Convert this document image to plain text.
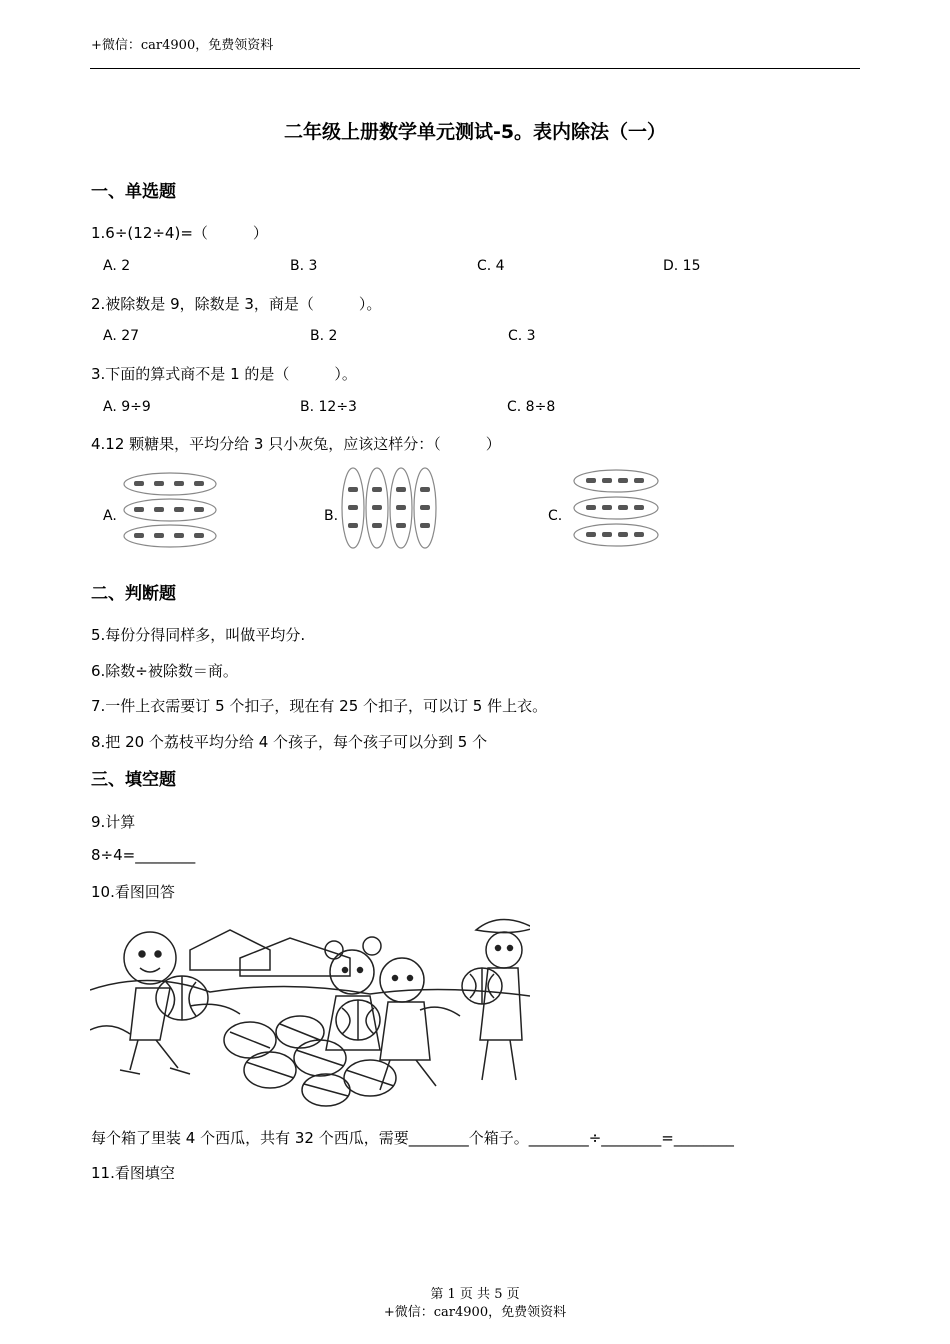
+微信：car4900，免费领资料
二年级上册数学单元测试-5。表内除法（一）
一、单选题
1.6÷(12÷4)=（　　　）
A. 2	B. 3	C. 4	D. 15
2.被除数是 9，除数是 3，商是（　　　）。
A. 27	B. 2	C. 3
3.下面的算式商不是 1 的是（　　　）。
A. 9÷9	B. 12÷3	C. 8÷8
4.12 颗糖果，平均分给 3 只小灰兔，应该这样分：（　　　）
A.	B.	C.
二、判断题
5.每份分得同样多，叫做平均分.
6.除数÷被除数＝商。
7.一件上衣需要订 5 个扣子，现在有 25 个扣子，可以订 5 件上衣。
8.把 20 个荔枝平均分给 4 个孩子，每个孩子可以分到 5 个
三、填空题
9.计算
8÷4=________
10.看图回答
每个箱了里装 4 个西瓜，共有 32 个西瓜，需要________个箱子。________÷________=________
11.看图填空
第 1 页 共 5 页
+微信：car4900，免费领资料
